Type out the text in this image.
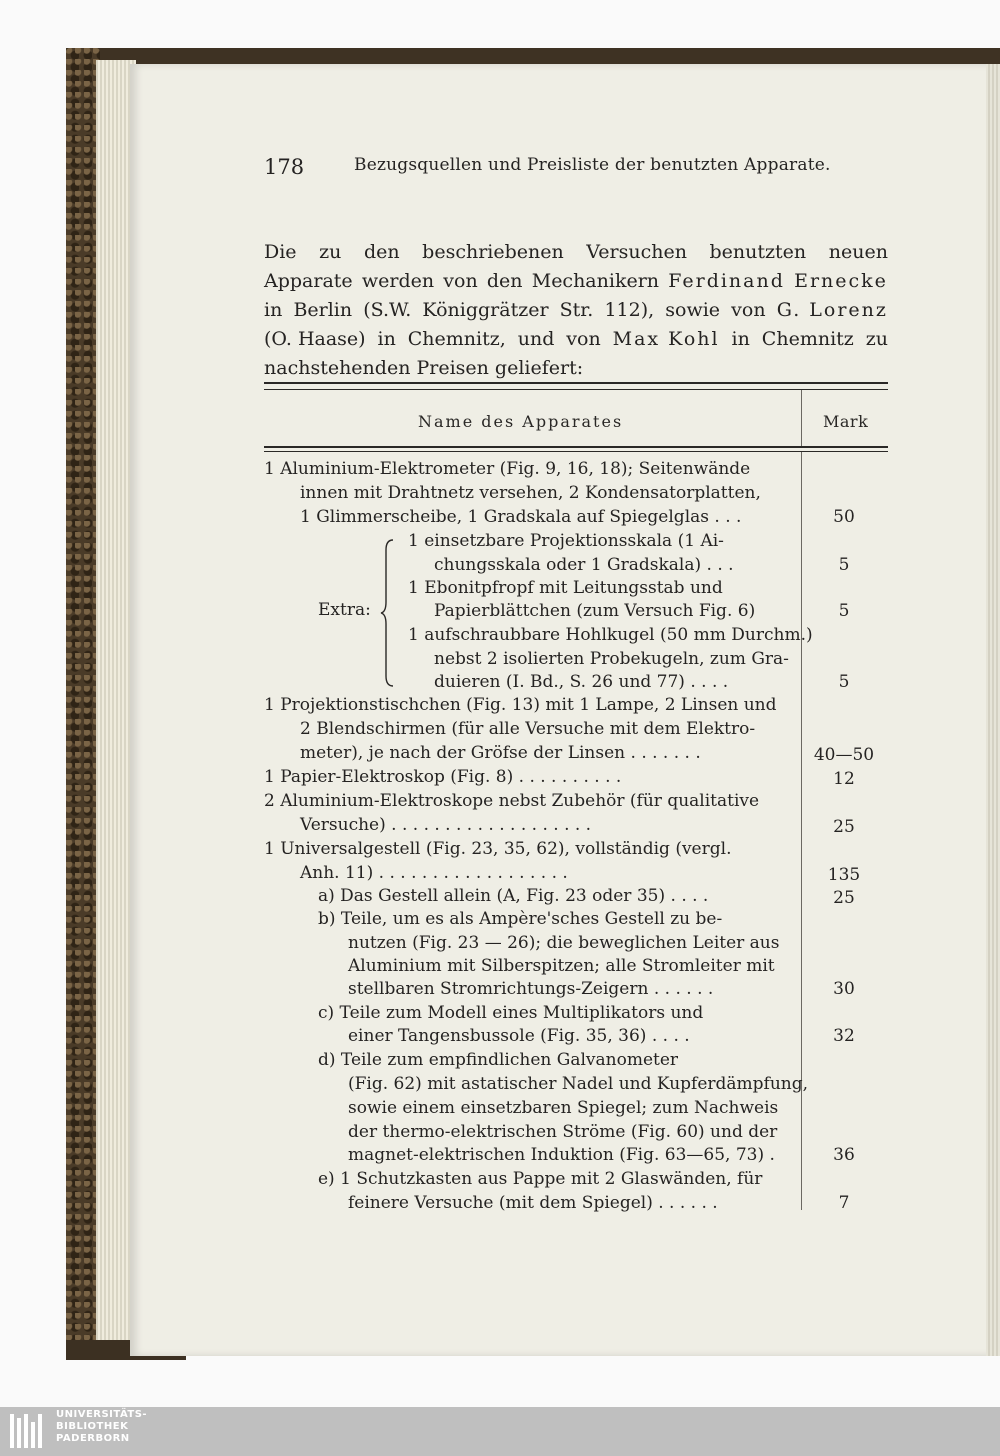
178	Bezugsquellen und Preisliste der benutzten Apparate.
Die zu den beschriebenen Versuchen benutzten neuen
Apparate werden von den Mechanikern Ferdinand Ernecke
in Berlin (S.W. Königgrätzer Str. 112), sowie von G. Lorenz
(O. Haase) in Chemnitz, und von Max Kohl in Chemnitz zu
nachstehenden Preisen geliefert:
Name des Apparates	Mark
Extra:
1 Aluminium-Elektrometer (Fig. 9, 16, 18); Seitenwände
innen mit Drahtnetz versehen, 2 Kondensatorplatten,
1 Glimmerscheibe, 1 Gradskala auf Spiegelglas . . .	50
1 einsetzbare Projektionsskala (1 Ai-
chungsskala oder 1 Gradskala) . . .	5
1 Ebonitpfropf mit Leitungsstab und
Papierblättchen (zum Versuch Fig. 6)	5
1 aufschraubbare Hohlkugel (50 mm Durchm.)
nebst 2 isolierten Probekugeln, zum Gra-
duieren (I. Bd., S. 26 und 77) . . . .	5
1 Projektionstischchen (Fig. 13) mit 1 Lampe, 2 Linsen und
2 Blendschirmen (für alle Versuche mit dem Elektro-
meter), je nach der Gröfse der Linsen . . . . . . .	40—50
1 Papier-Elektroskop (Fig. 8) . . . . . . . . . .	12
2 Aluminium-Elektroskope nebst Zubehör (für qualitative
Versuche) . . . . . . . . . . . . . . . . . . .	25
1 Universalgestell (Fig. 23, 35, 62), vollständig (vergl.
Anh. 11) . . . . . . . . . . . . . . . . . .	135
a) Das Gestell allein (A, Fig. 23 oder 35) . . . .	25
b) Teile, um es als Ampère'sches Gestell zu be-
nutzen (Fig. 23 — 26); die beweglichen Leiter aus
Aluminium mit Silberspitzen; alle Stromleiter mit
stellbaren Stromrichtungs-Zeigern . . . . . .	30
c) Teile zum Modell eines Multiplikators und
einer Tangensbussole (Fig. 35, 36) . . . .	32
d) Teile zum empfindlichen Galvanometer
(Fig. 62) mit astatischer Nadel und Kupferdämpfung,
sowie einem einsetzbaren Spiegel; zum Nachweis
der thermo-elektrischen Ströme (Fig. 60) und der
magnet-elektrischen Induktion (Fig. 63—65, 73) .	36
e) 1 Schutzkasten aus Pappe mit 2 Glaswänden, für
feinere Versuche (mit dem Spiegel) . . . . . .	7
UNIVERSITÄTS-
BIBLIOTHEK
PADERBORN
